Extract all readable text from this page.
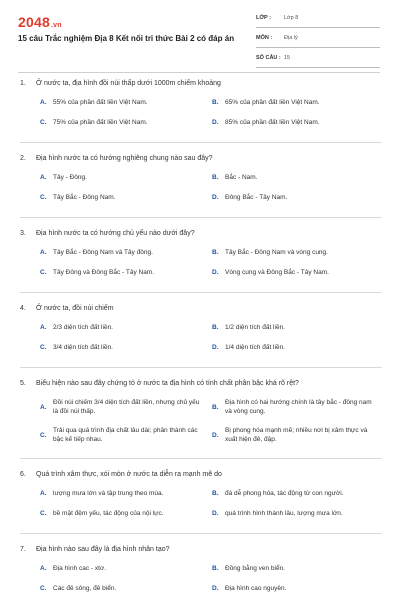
2048.vn
15 câu Trắc nghiệm Địa 8 Kết nối tri thức Bài 2 có đáp án
LỚP : Lớp 8
MÔN : Địa lý
SỐ CÂU : 15
1. Ở nước ta, địa hình đồi núi thấp dưới 1000m chiếm khoảng
A.	55% của phần đất liền Việt Nam.	B.	65% của phần đất liền Việt Nam.
C.	75% của phần đất liền Việt Nam.	D.	85% của phần đất liền Việt Nam.
2. Địa hình nước ta có hướng nghiêng chung nào sau đây?
A.	Tây - Đông.	B.	Bắc - Nam.
C.	Tây Bắc - Đông Nam.	D.	Đông Bắc - Tây Nam.
3. Địa hình nước ta có hướng chủ yếu nào dưới đây?
A.	Tây Bắc - Đông Nam và Tây đông.	B.	Tây Bắc - Đông Nam và vòng cung.
C.	Tây Đông và Đông Bắc - Tây Nam.	D.	Vòng cung và Đông Bắc - Tây Nam.
4. Ở nước ta, đồi núi chiếm
A.	2/3 diện tích đất liền.	B.	1/2 diện tích đất liền.
C.	3/4 diện tích đất liền.	D.	1/4 diện tích đất liền.
5. Biểu hiện nào sau đây chứng tỏ ở nước ta địa hình có tính chất phân bậc khá rõ rệt?
A.
Đồi núi chiếm 3/4 diện tích đất liền, nhưng chủ yếu là đồi núi thấp.
B.
Địa hình có hai hướng chính là tây bắc - đông nam và vòng cung.
C.
Trải qua quá trình địa chất lâu dài; phân thành các bậc kế tiếp nhau.
D.
Bị phong hóa mạnh mẽ; nhiều nơi bị xâm thực và xuất hiện đê, đập.
6. Quá trình xâm thực, xói mòn ở nước ta diễn ra mạnh mẽ do
A.	lượng mưa lớn và tập trung theo mùa.	B.	đá dễ phong hóa, tác động từ con người.
C.	bề mặt đệm yếu, tác động của nội lực.	D.	quá trình hình thành lâu, lượng mưa lớn.
7. Địa hình nào sau đây là địa hình nhân tạo?
A.	Địa hình cac - xtơ.	B.	Đồng bằng ven biển.
C.	Các đê sông, đê biển.	D.	Địa hình cao nguyên.
